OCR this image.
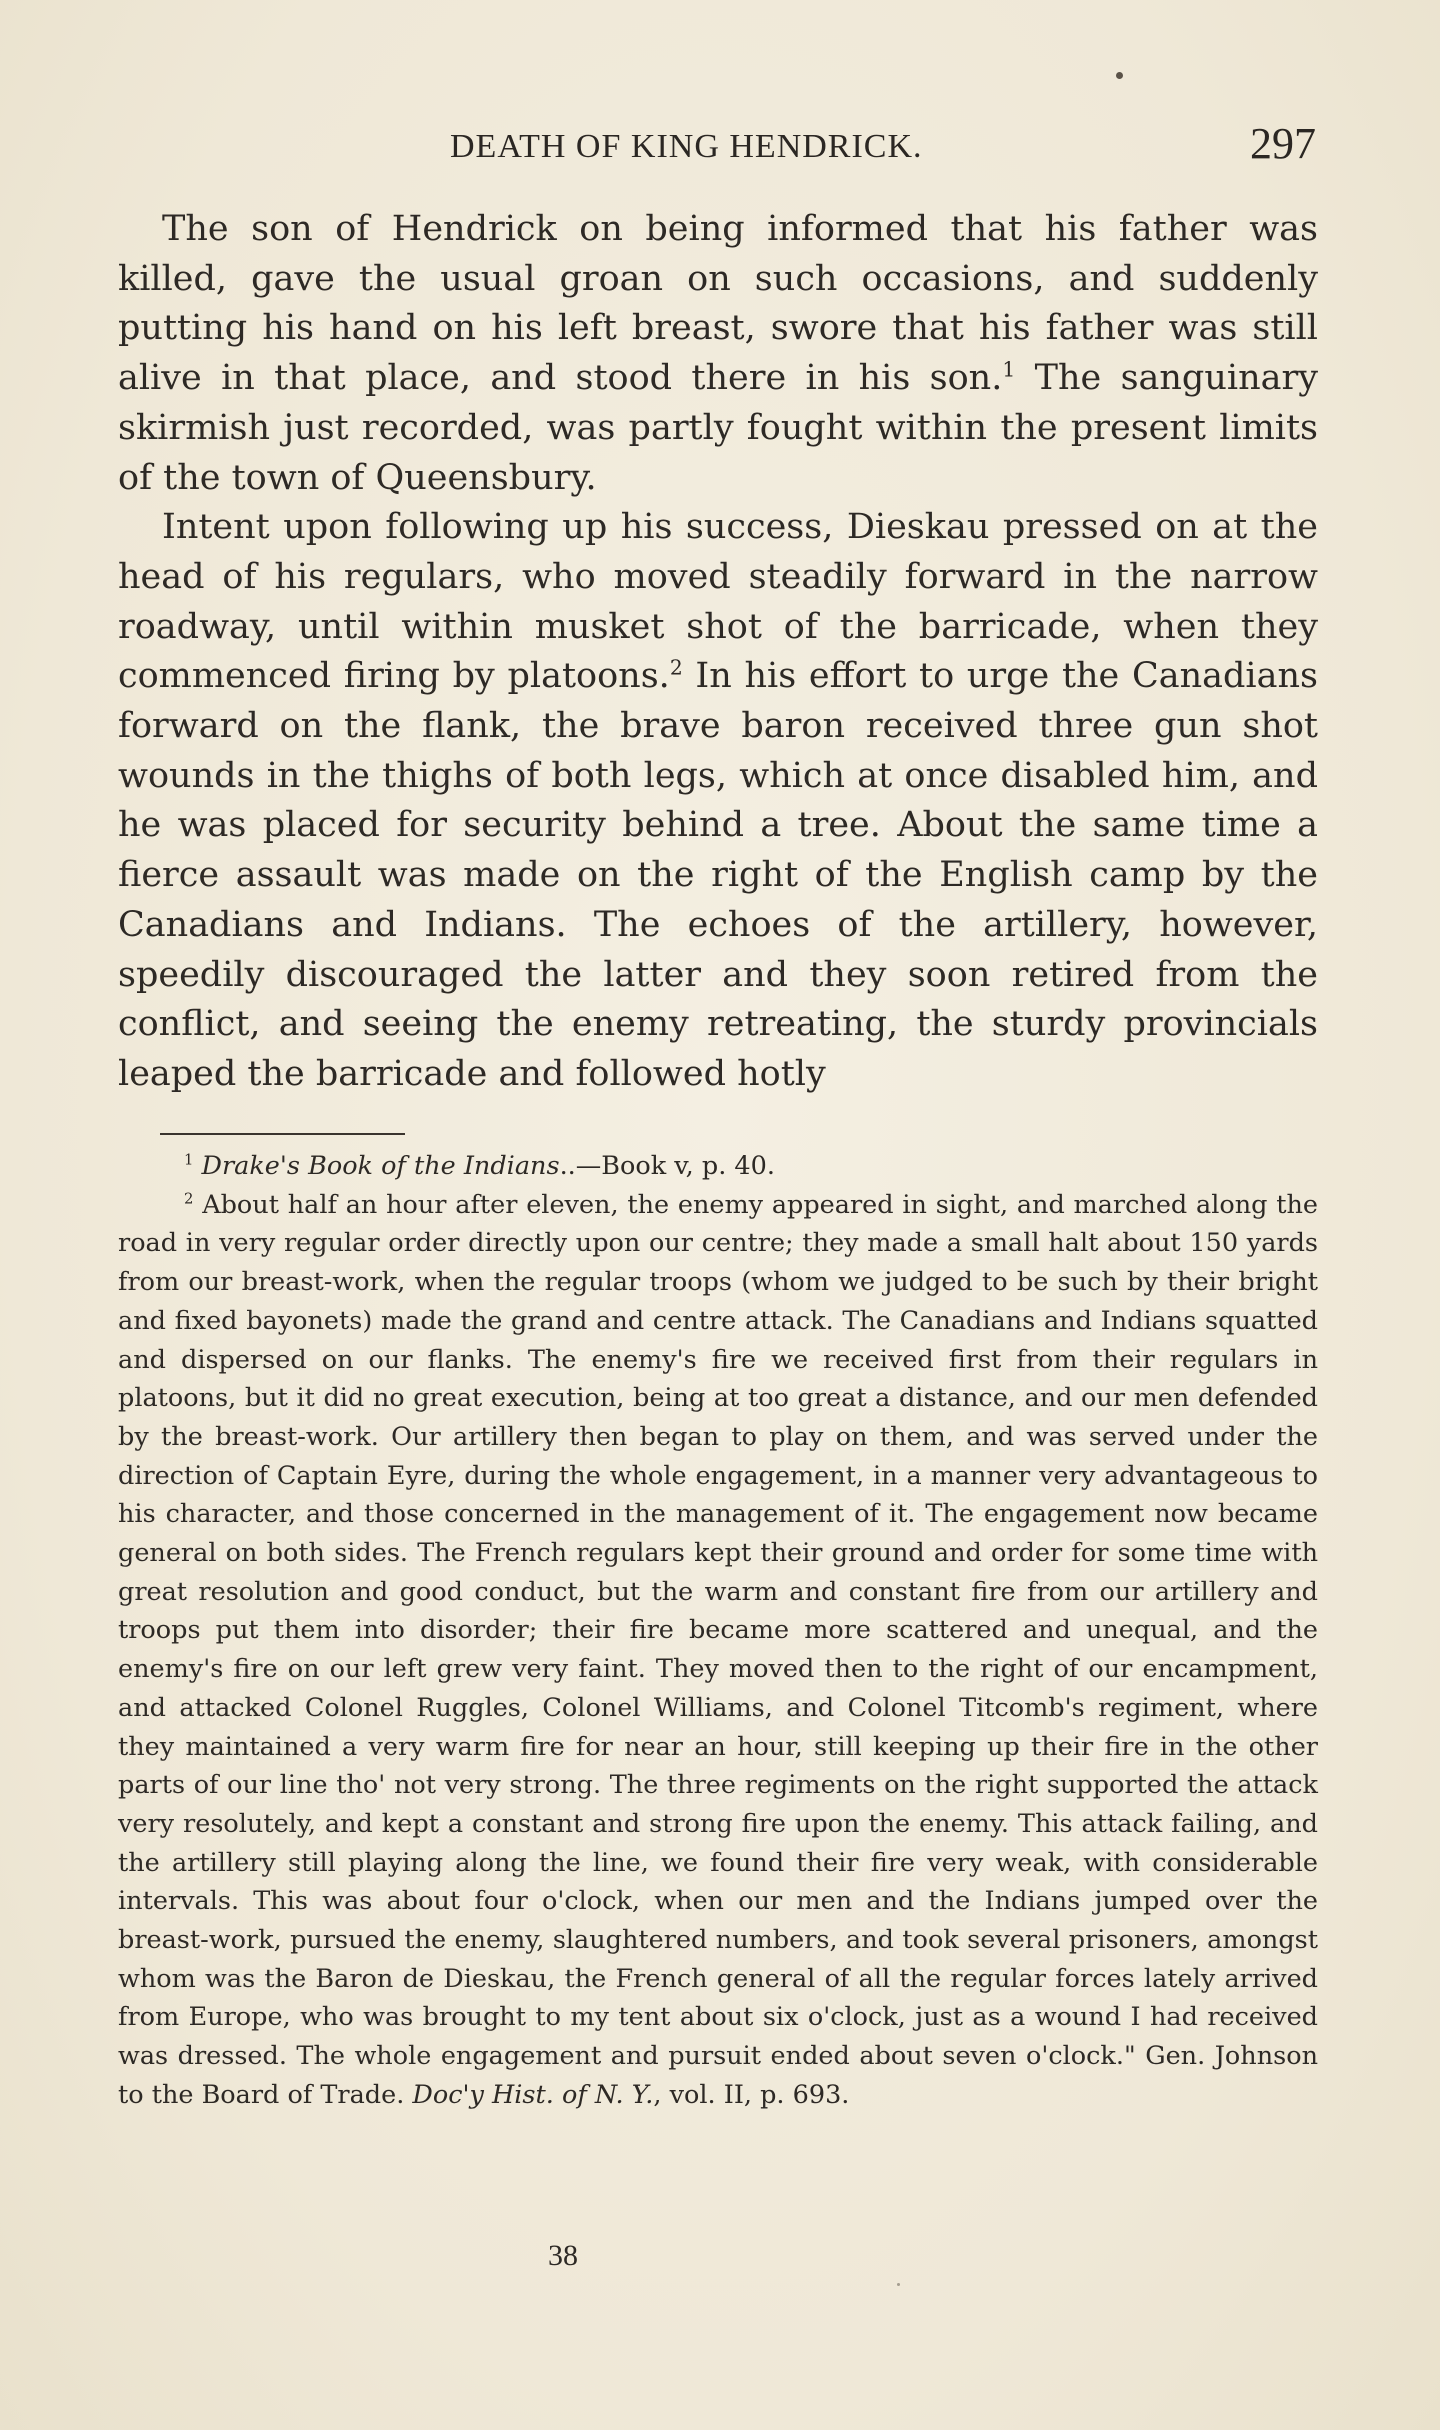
DEATH OF KING HENDRICK.	297

The son of Hendrick on being informed that his father was killed, gave the usual groan on such occasions, and suddenly putting his hand on his left breast, swore that his father was still alive in that place, and stood there in his son.$^1$ The sanguinary skirmish just recorded, was partly fought within the present limits of the town of Queensbury.

Intent upon following up his success, Dieskau pressed on at the head of his regulars, who moved steadily forward in the narrow roadway, until within musket shot of the barricade, when they commenced firing by platoons.$^2$ In his effort to urge the Canadians forward on the flank, the brave baron received three gun shot wounds in the thighs of both legs, which at once disabled him, and he was placed for security behind a tree. About the same time a fierce assault was made on the right of the English camp by the Canadians and Indians. The echoes of the artillery, however, speedily discouraged the latter and they soon retired from the conflict, and seeing the enemy retreating, the sturdy provincials leaped the barricade and followed hotly

$^1$ Drake's Book of the Indians..—Book v, p. 40.

$^2$ About half an hour after eleven, the enemy appeared in sight, and marched along the road in very regular order directly upon our centre; they made a small halt about 150 yards from our breast-work, when the regular troops (whom we judged to be such by their bright and fixed bayonets) made the grand and centre attack. The Canadians and Indians squatted and dispersed on our flanks. The enemy's fire we received first from their regulars in platoons, but it did no great execution, being at too great a distance, and our men defended by the breast-work. Our artillery then began to play on them, and was served under the direction of Captain Eyre, during the whole engagement, in a manner very advantageous to his character, and those concerned in the management of it. The engagement now became general on both sides. The French regulars kept their ground and order for some time with great resolution and good conduct, but the warm and constant fire from our artillery and troops put them into disorder; their fire became more scattered and unequal, and the enemy's fire on our left grew very faint. They moved then to the right of our encampment, and attacked Colonel Ruggles, Colonel Williams, and Colonel Titcomb's regiment, where they maintained a very warm fire for near an hour, still keeping up their fire in the other parts of our line tho' not very strong. The three regiments on the right supported the attack very resolutely, and kept a constant and strong fire upon the enemy. This attack failing, and the artillery still playing along the line, we found their fire very weak, with considerable intervals. This was about four o'clock, when our men and the Indians jumped over the breast-work, pursued the enemy, slaughtered numbers, and took several prisoners, amongst whom was the Baron de Dieskau, the French general of all the regular forces lately arrived from Europe, who was brought to my tent about six o'clock, just as a wound I had received was dressed. The whole engagement and pursuit ended about seven o'clock." Gen. Johnson to the Board of Trade. Doc'y Hist. of N. Y., vol. II, p. 693.

38
